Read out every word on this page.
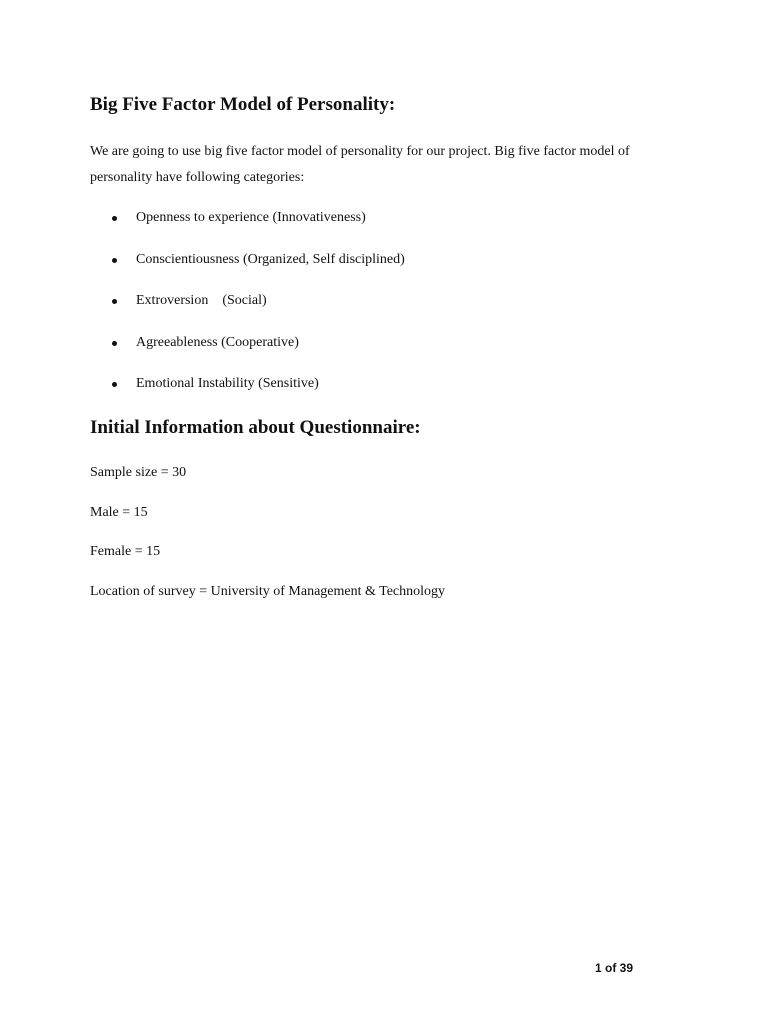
Big Five Factor Model of Personality:

We are going to use big five factor model of personality for our project. Big five factor model of
personality have following categories:

Openness to experience (Innovativeness)

Conscientiousness (Organized, Self disciplined)

Extroversion    (Social)

Agreeableness (Cooperative)

Emotional Instability (Sensitive)

Initial Information about Questionnaire:

Sample size = 30

Male = 15

Female = 15

Location of survey = University of Management & Technology

1 of 39
